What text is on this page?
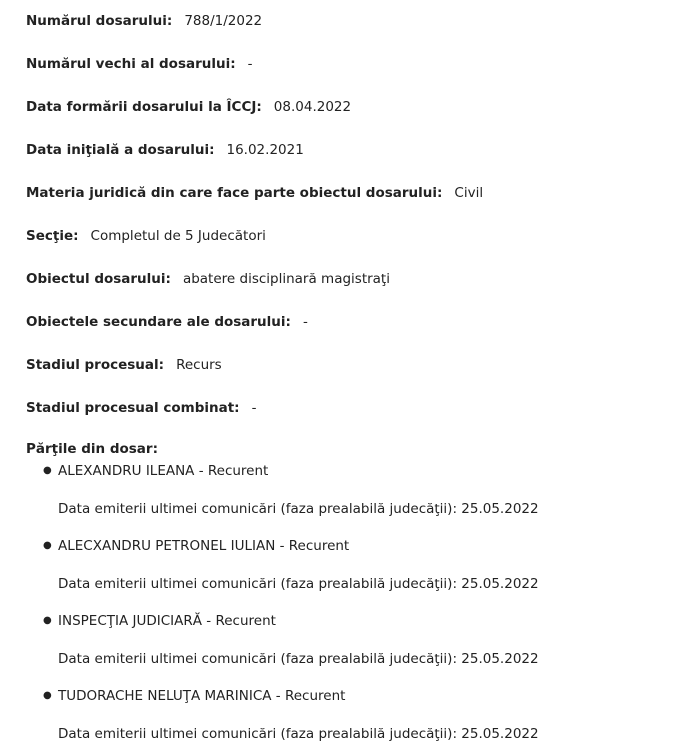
Numărul dosarului: 788/1/2022
Numărul vechi al dosarului: -
Data formării dosarului la ÎCCJ: 08.04.2022
Data iniţială a dosarului: 16.02.2021
Materia juridică din care face parte obiectul dosarului: Civil
Secţie: Completul de 5 Judecători
Obiectul dosarului: abatere disciplinară magistraţi
Obiectele secundare ale dosarului: -
Stadiul procesual: Recurs
Stadiul procesual combinat: -
Părţile din dosar:
● ALEXANDRU ILEANA - Recurent
Data emiterii ultimei comunicări (faza prealabilă judecăţii): 25.05.2022
● ALECXANDRU PETRONEL IULIAN - Recurent
Data emiterii ultimei comunicări (faza prealabilă judecăţii): 25.05.2022
● INSPECŢIA JUDICIARĂ - Recurent
Data emiterii ultimei comunicări (faza prealabilă judecăţii): 25.05.2022
● TUDORACHE NELUŢA MARINICA - Recurent
Data emiterii ultimei comunicări (faza prealabilă judecăţii): 25.05.2022
